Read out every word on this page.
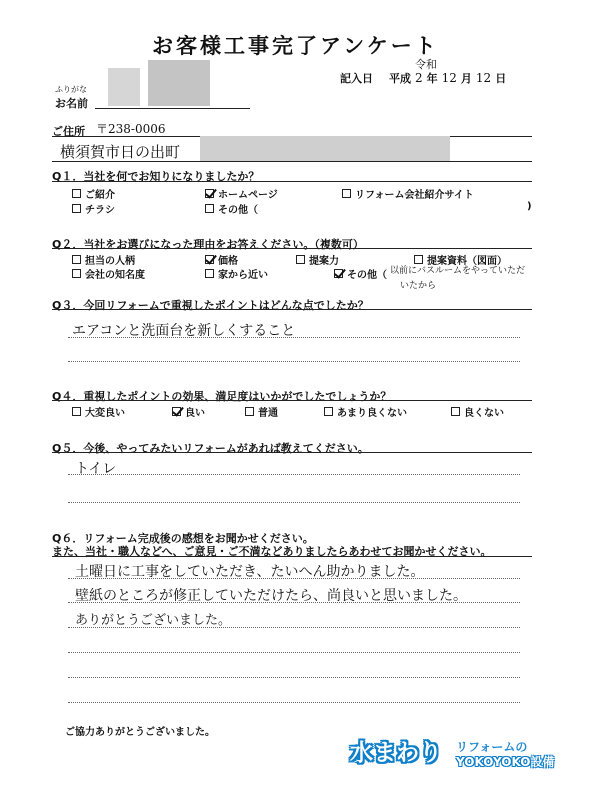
お客様工事完了アンケート
令和
記入日 平成 2 年 12 月 12 日
ふりがな
お名前
ご住所 〒238-0006
横須賀市日の出町
Q１．当社を何でお知りになりましたか？
ご紹介	ホームページ	リフォーム会社紹介サイト
チラシ	その他（	)
Q２．当社をお選びになった理由をお答えください。（複数可）
担当の人柄	価格	提案力	提案資料（図面）
会社の知名度	家から近い	その他（ 以前にバスルームをやっていただ
いたから
Q３．今回リフォームで重視したポイントはどんな点でしたか？
エアコンと洗面台を新しくすること
Q４．重視したポイントの効果、満足度はいかがでしたでしょうか？
大変良い	良い	普通	あまり良くない	良くない
Q５．今後、やってみたいリフォームがあれば教えてください。
トイレ
Q６．リフォーム完成後の感想をお聞かせください。
また、当社・職人などへ、ご意見・ご不満などありましたらあわせてお聞かせください。
土曜日に工事をしていただき、たいへん助かりました。
壁紙のところが修正していただけたら、尚良いと思いました。
ありがとうございました。
ご協力ありがとうございました。
水まわり リフォームの
YOKOYOKO設備
